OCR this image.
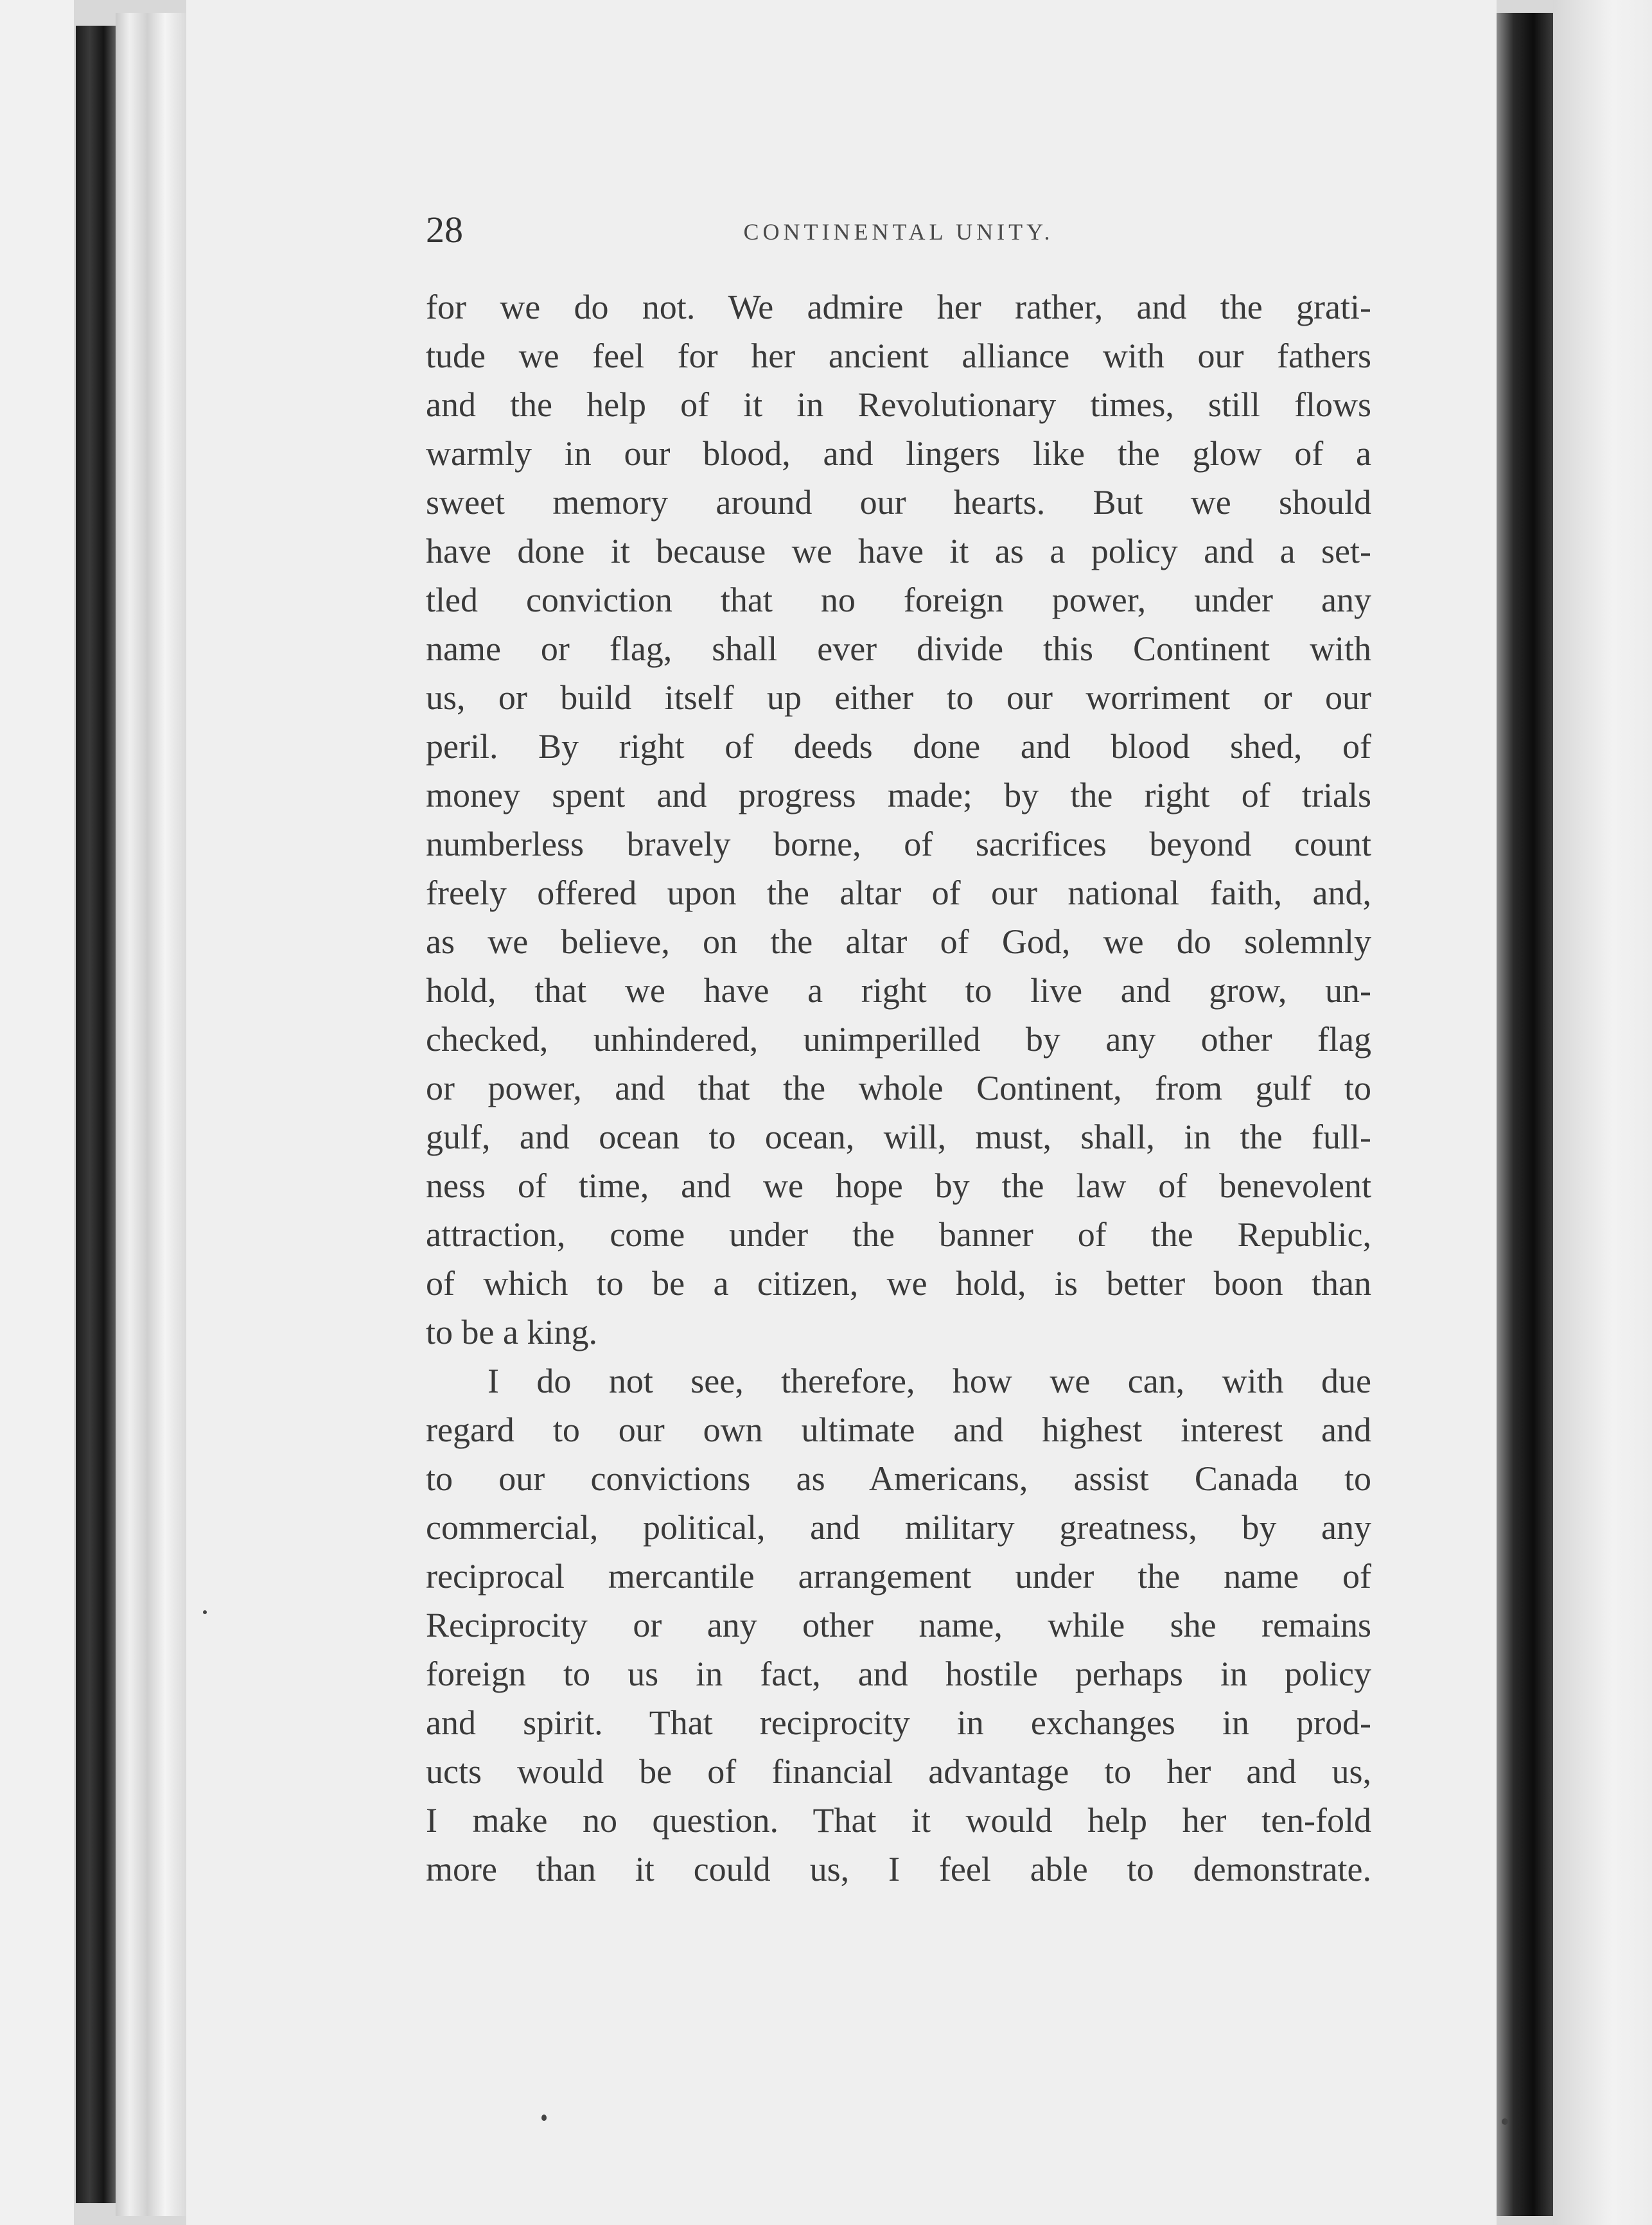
28	CONTINENTAL UNITY.
for we do not. We admire her rather, and the grati-
tude we feel for her ancient alliance with our fathers
and the help of it in Revolutionary times, still flows
warmly in our blood, and lingers like the glow of a
sweet memory around our hearts. But we should
have done it because we have it as a policy and a set-
tled conviction that no foreign power, under any
name or flag, shall ever divide this Continent with
us, or build itself up either to our worriment or our
peril. By right of deeds done and blood shed, of
money spent and progress made; by the right of trials
numberless bravely borne, of sacrifices beyond count
freely offered upon the altar of our national faith, and,
as we believe, on the altar of God, we do solemnly
hold, that we have a right to live and grow, un-
checked, unhindered, unimperilled by any other flag
or power, and that the whole Continent, from gulf to
gulf, and ocean to ocean, will, must, shall, in the full-
ness of time, and we hope by the law of benevolent
attraction, come under the banner of the Republic,
of which to be a citizen, we hold, is better boon than
to be a king.
I do not see, therefore, how we can, with due
regard to our own ultimate and highest interest and
to our convictions as Americans, assist Canada to
commercial, political, and military greatness, by any
reciprocal mercantile arrangement under the name of
Reciprocity or any other name, while she remains
foreign to us in fact, and hostile perhaps in policy
and spirit. That reciprocity in exchanges in prod-
ucts would be of financial advantage to her and us,
I make no question. That it would help her ten-fold
more than it could us, I feel able to demonstrate.
